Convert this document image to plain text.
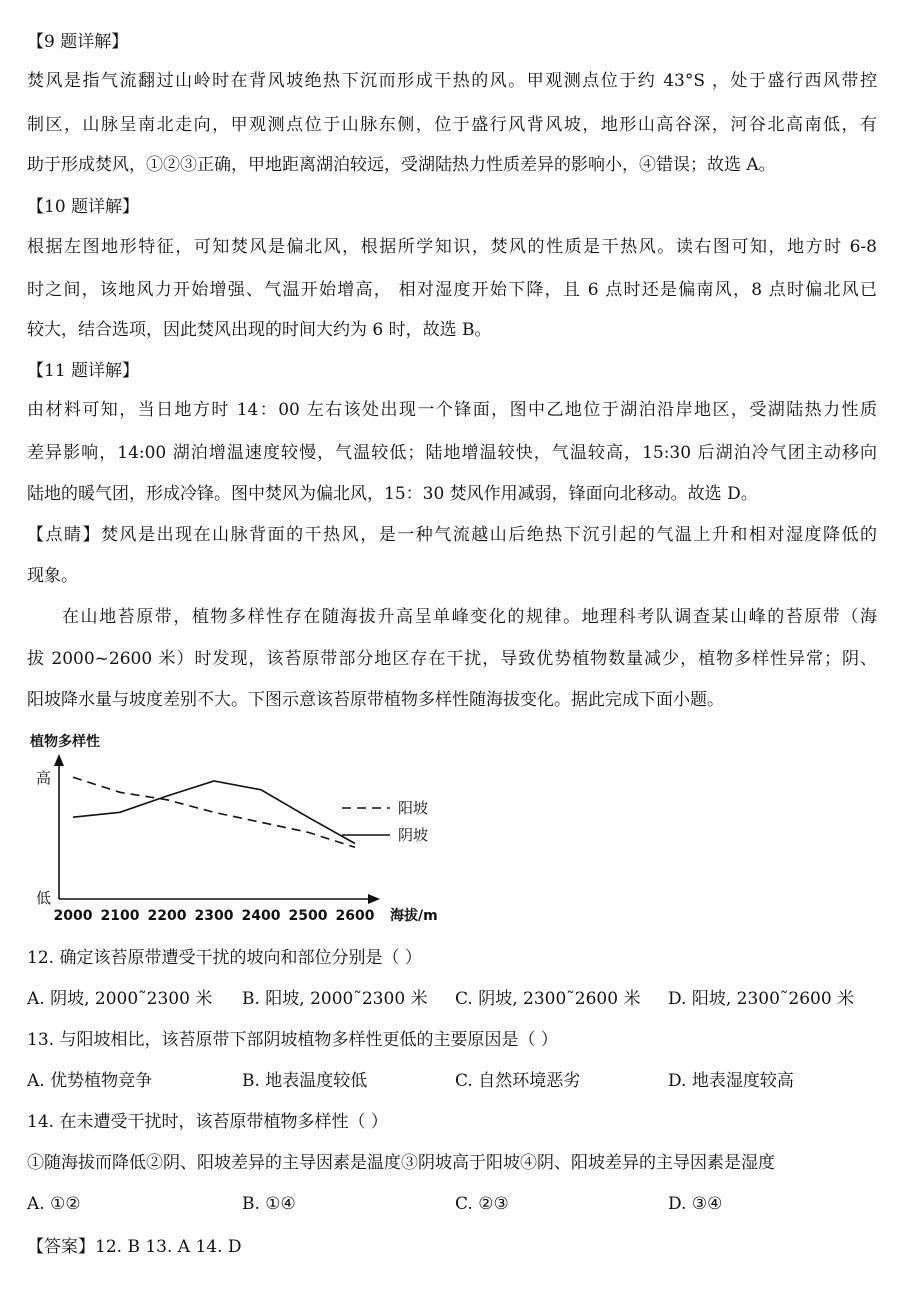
【9 题详解】
焚风是指气流翻过山岭时在背风坡绝热下沉而形成干热的风。甲观测点位于约 43°S ，处于盛行西风带控
制区，山脉呈南北走向，甲观测点位于山脉东侧，位于盛行风背风坡，地形山高谷深，河谷北高南低，有
助于形成焚风，①②③正确，甲地距离湖泊较远，受湖陆热力性质差异的影响小，④错误；故选 A。
【10 题详解】
根据左图地形特征，可知焚风是偏北风，根据所学知识，焚风的性质是干热风。读右图可知，地方时 6-8
时之间，该地风力开始增强、气温开始增高， 相对湿度开始下降，且 6 点时还是偏南风，8 点时偏北风已
较大，结合选项，因此焚风出现的时间大约为 6 时，故选 B。
【11 题详解】
由材料可知，当日地方时 14：00 左右该处出现一个锋面，图中乙地位于湖泊沿岸地区，受湖陆热力性质
差异影响，14:00 湖泊增温速度较慢，气温较低；陆地增温较快，气温较高，15:30 后湖泊冷气团主动移向
陆地的暖气团，形成冷锋。图中焚风为偏北风，15：30 焚风作用减弱，锋面向北移动。故选 D。
【点睛】焚风是出现在山脉背面的干热风，是一种气流越山后绝热下沉引起的气温上升和相对湿度降低的
现象。
在山地苔原带，植物多样性存在随海拔升高呈单峰变化的规律。地理科考队调查某山峰的苔原带（海
拔 2000~2600 米）时发现，该苔原带部分地区存在干扰，导致优势植物数量减少，植物多样性异常；阴、
阳坡降水量与坡度差别不大。下图示意该苔原带植物多样性随海拔变化。据此完成下面小题。
植物多样性
高
低
2000 2100 2200 2300 2400 2500 2600
阳坡
阴坡
海拔/m
12. 确定该苔原带遭受干扰的坡向和部位分别是（ ）
A. 阴坡, 2000˜2300 米 B. 阳坡, 2000˜2300 米 C. 阴坡, 2300˜2600 米 D. 阳坡, 2300˜2600 米
13. 与阳坡相比，该苔原带下部阴坡植物多样性更低的主要原因是（ ）
A. 优势植物竞争	B. 地表温度较低	C. 自然环境恶劣	D. 地表湿度较高
14. 在未遭受干扰时，该苔原带植物多样性（ ）
①随海拔而降低②阴、阳坡差异的主导因素是温度③阴坡高于阳坡④阴、阳坡差异的主导因素是湿度
A. ①②	B. ①④	C. ②③	D. ③④
【答案】12. B 13. A 14. D
